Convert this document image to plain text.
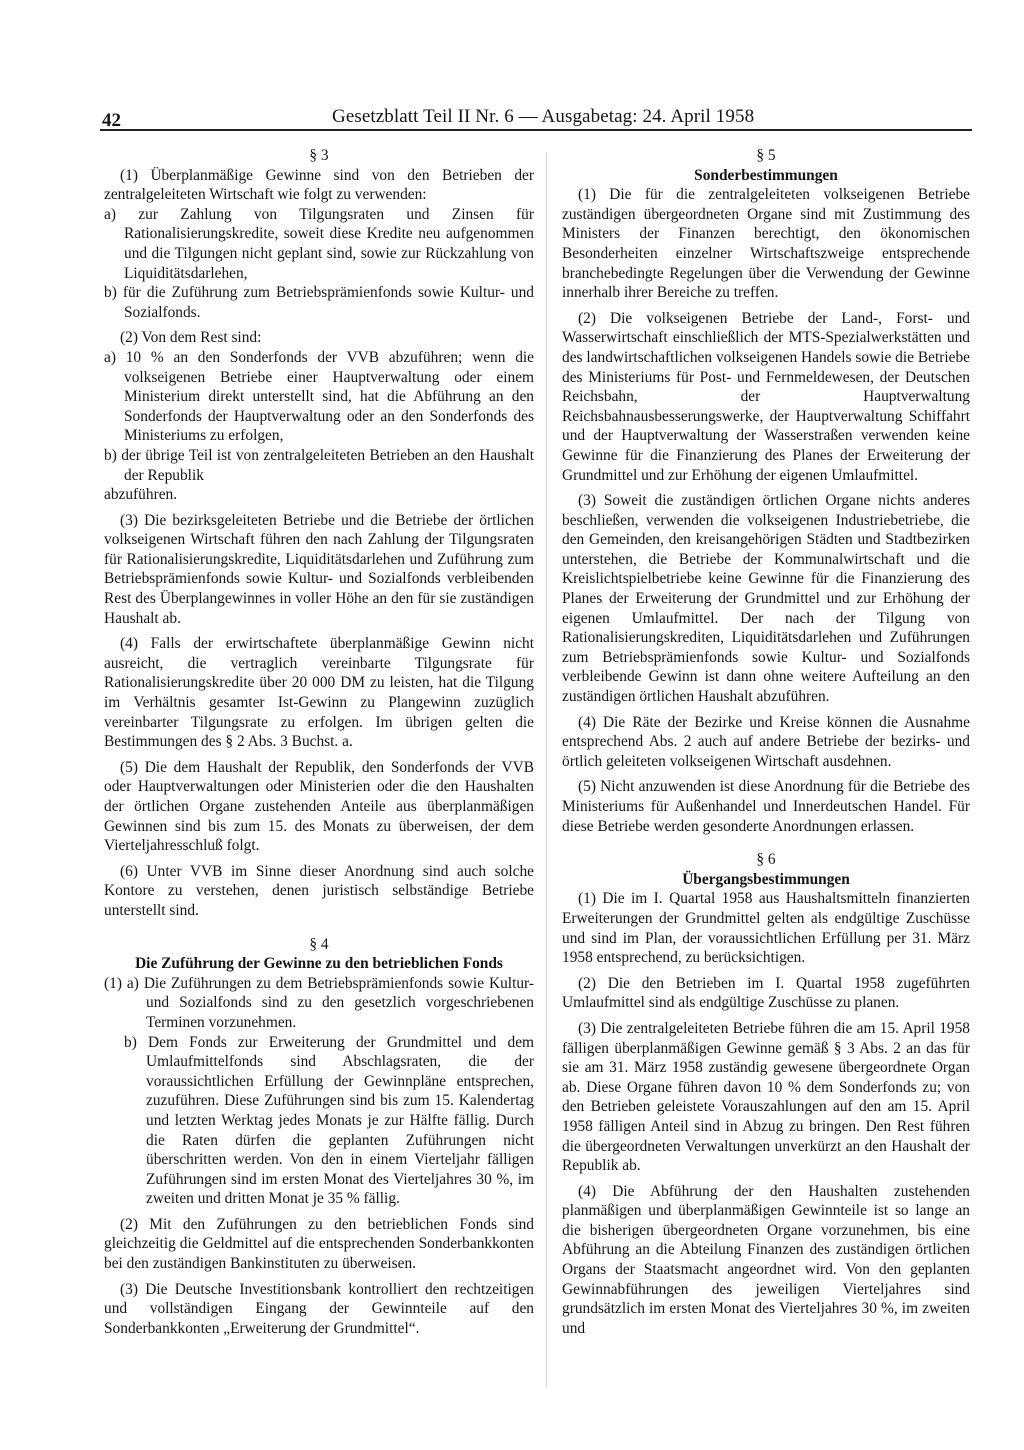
42	Gesetzblatt Teil II Nr. 6 — Ausgabetag: 24. April 1958

§ 3

(1) Überplanmäßige Gewinne sind von den Betrieben der zentralgeleiteten Wirtschaft wie folgt zu verwenden:

a) zur Zahlung von Tilgungsraten und Zinsen für Rationalisierungskredite, soweit diese Kredite neu aufgenommen und die Tilgungen nicht geplant sind, sowie zur Rückzahlung von Liquiditätsdarlehen,

b) für die Zuführung zum Betriebsprämienfonds sowie Kultur- und Sozialfonds.

(2) Von dem Rest sind:

a) 10 % an den Sonderfonds der VVB abzuführen; wenn die volkseigenen Betriebe einer Hauptverwaltung oder einem Ministerium direkt unterstellt sind, hat die Abführung an den Sonderfonds der Hauptverwaltung oder an den Sonderfonds des Ministeriums zu erfolgen,

b) der übrige Teil ist von zentralgeleiteten Betrieben an den Haushalt der Republik

abzuführen.

(3) Die bezirksgeleiteten Betriebe und die Betriebe der örtlichen volkseigenen Wirtschaft führen den nach Zahlung der Tilgungsraten für Rationalisierungskredite, Liquiditätsdarlehen und Zuführung zum Betriebsprämienfonds sowie Kultur- und Sozialfonds verbleibenden Rest des Überplangewinnes in voller Höhe an den für sie zuständigen Haushalt ab.

(4) Falls der erwirtschaftete überplanmäßige Gewinn nicht ausreicht, die vertraglich vereinbarte Tilgungsrate für Rationalisierungskredite über 20 000 DM zu leisten, hat die Tilgung im Verhältnis gesamter Ist-Gewinn zu Plangewinn zuzüglich vereinbarter Tilgungsrate zu erfolgen. Im übrigen gelten die Bestimmungen des § 2 Abs. 3 Buchst. a.

(5) Die dem Haushalt der Republik, den Sonderfonds der VVB oder Hauptverwaltungen oder Ministerien oder die den Haushalten der örtlichen Organe zustehenden Anteile aus überplanmäßigen Gewinnen sind bis zum 15. des Monats zu überweisen, der dem Vierteljahresschluß folgt.

(6) Unter VVB im Sinne dieser Anordnung sind auch solche Kontore zu verstehen, denen juristisch selbständige Betriebe unterstellt sind.

§ 4

Die Zuführung der Gewinne zu den betrieblichen Fonds

(1) a) Die Zuführungen zu dem Betriebsprämienfonds sowie Kultur- und Sozialfonds sind zu den gesetzlich vorgeschriebenen Terminen vorzunehmen.

b) Dem Fonds zur Erweiterung der Grundmittel und dem Umlaufmittelfonds sind Abschlagsraten, die der voraussichtlichen Erfüllung der Gewinnpläne entsprechen, zuzuführen. Diese Zuführungen sind bis zum 15. Kalendertag und letzten Werktag jedes Monats je zur Hälfte fällig. Durch die Raten dürfen die geplanten Zuführungen nicht überschritten werden. Von den in einem Vierteljahr fälligen Zuführungen sind im ersten Monat des Vierteljahres 30 %, im zweiten und dritten Monat je 35 % fällig.

(2) Mit den Zuführungen zu den betrieblichen Fonds sind gleichzeitig die Geldmittel auf die entsprechenden Sonderbankkonten bei den zuständigen Bankinstituten zu überweisen.

(3) Die Deutsche Investitionsbank kontrolliert den rechtzeitigen und vollständigen Eingang der Gewinnteile auf den Sonderbankkonten „Erweiterung der Grundmittel“.

§ 5

Sonderbestimmungen

(1) Die für die zentralgeleiteten volkseigenen Betriebe zuständigen übergeordneten Organe sind mit Zustimmung des Ministers der Finanzen berechtigt, den ökonomischen Besonderheiten einzelner Wirtschaftszweige entsprechende branchebedingte Regelungen über die Verwendung der Gewinne innerhalb ihrer Bereiche zu treffen.

(2) Die volkseigenen Betriebe der Land-, Forst- und Wasserwirtschaft einschließlich der MTS-Spezialwerkstätten und des landwirtschaftlichen volkseigenen Handels sowie die Betriebe des Ministeriums für Post- und Fernmeldewesen, der Deutschen Reichsbahn, der Hauptverwaltung Reichsbahnausbesserungswerke, der Hauptverwaltung Schiffahrt und der Hauptverwaltung der Wasserstraßen verwenden keine Gewinne für die Finanzierung des Planes der Erweiterung der Grundmittel und zur Erhöhung der eigenen Umlaufmittel.

(3) Soweit die zuständigen örtlichen Organe nichts anderes beschließen, verwenden die volkseigenen Industriebetriebe, die den Gemeinden, den kreisangehörigen Städten und Stadtbezirken unterstehen, die Betriebe der Kommunalwirtschaft und die Kreislichtspielbetriebe keine Gewinne für die Finanzierung des Planes der Erweiterung der Grundmittel und zur Erhöhung der eigenen Umlaufmittel. Der nach der Tilgung von Rationalisierungskrediten, Liquiditätsdarlehen und Zuführungen zum Betriebsprämienfonds sowie Kultur- und Sozialfonds verbleibende Gewinn ist dann ohne weitere Aufteilung an den zuständigen örtlichen Haushalt abzuführen.

(4) Die Räte der Bezirke und Kreise können die Ausnahme entsprechend Abs. 2 auch auf andere Betriebe der bezirks- und örtlich geleiteten volkseigenen Wirtschaft ausdehnen.

(5) Nicht anzuwenden ist diese Anordnung für die Betriebe des Ministeriums für Außenhandel und Innerdeutschen Handel. Für diese Betriebe werden gesonderte Anordnungen erlassen.

§ 6

Übergangsbestimmungen

(1) Die im I. Quartal 1958 aus Haushaltsmitteln finanzierten Erweiterungen der Grundmittel gelten als endgültige Zuschüsse und sind im Plan, der voraussichtlichen Erfüllung per 31. März 1958 entsprechend, zu berücksichtigen.

(2) Die den Betrieben im I. Quartal 1958 zugeführten Umlaufmittel sind als endgültige Zuschüsse zu planen.

(3) Die zentralgeleiteten Betriebe führen die am 15. April 1958 fälligen überplanmäßigen Gewinne gemäß § 3 Abs. 2 an das für sie am 31. März 1958 zuständig gewesene übergeordnete Organ ab. Diese Organe führen davon 10 % dem Sonderfonds zu; von den Betrieben geleistete Vorauszahlungen auf den am 15. April 1958 fälligen Anteil sind in Abzug zu bringen. Den Rest führen die übergeordneten Verwaltungen unverkürzt an den Haushalt der Republik ab.

(4) Die Abführung der den Haushalten zustehenden planmäßigen und überplanmäßigen Gewinnteile ist so lange an die bisherigen übergeordneten Organe vorzunehmen, bis eine Abführung an die Abteilung Finanzen des zuständigen örtlichen Organs der Staatsmacht angeordnet wird. Von den geplanten Gewinnabführungen des jeweiligen Vierteljahres sind grundsätzlich im ersten Monat des Vierteljahres 30 %, im zweiten und
